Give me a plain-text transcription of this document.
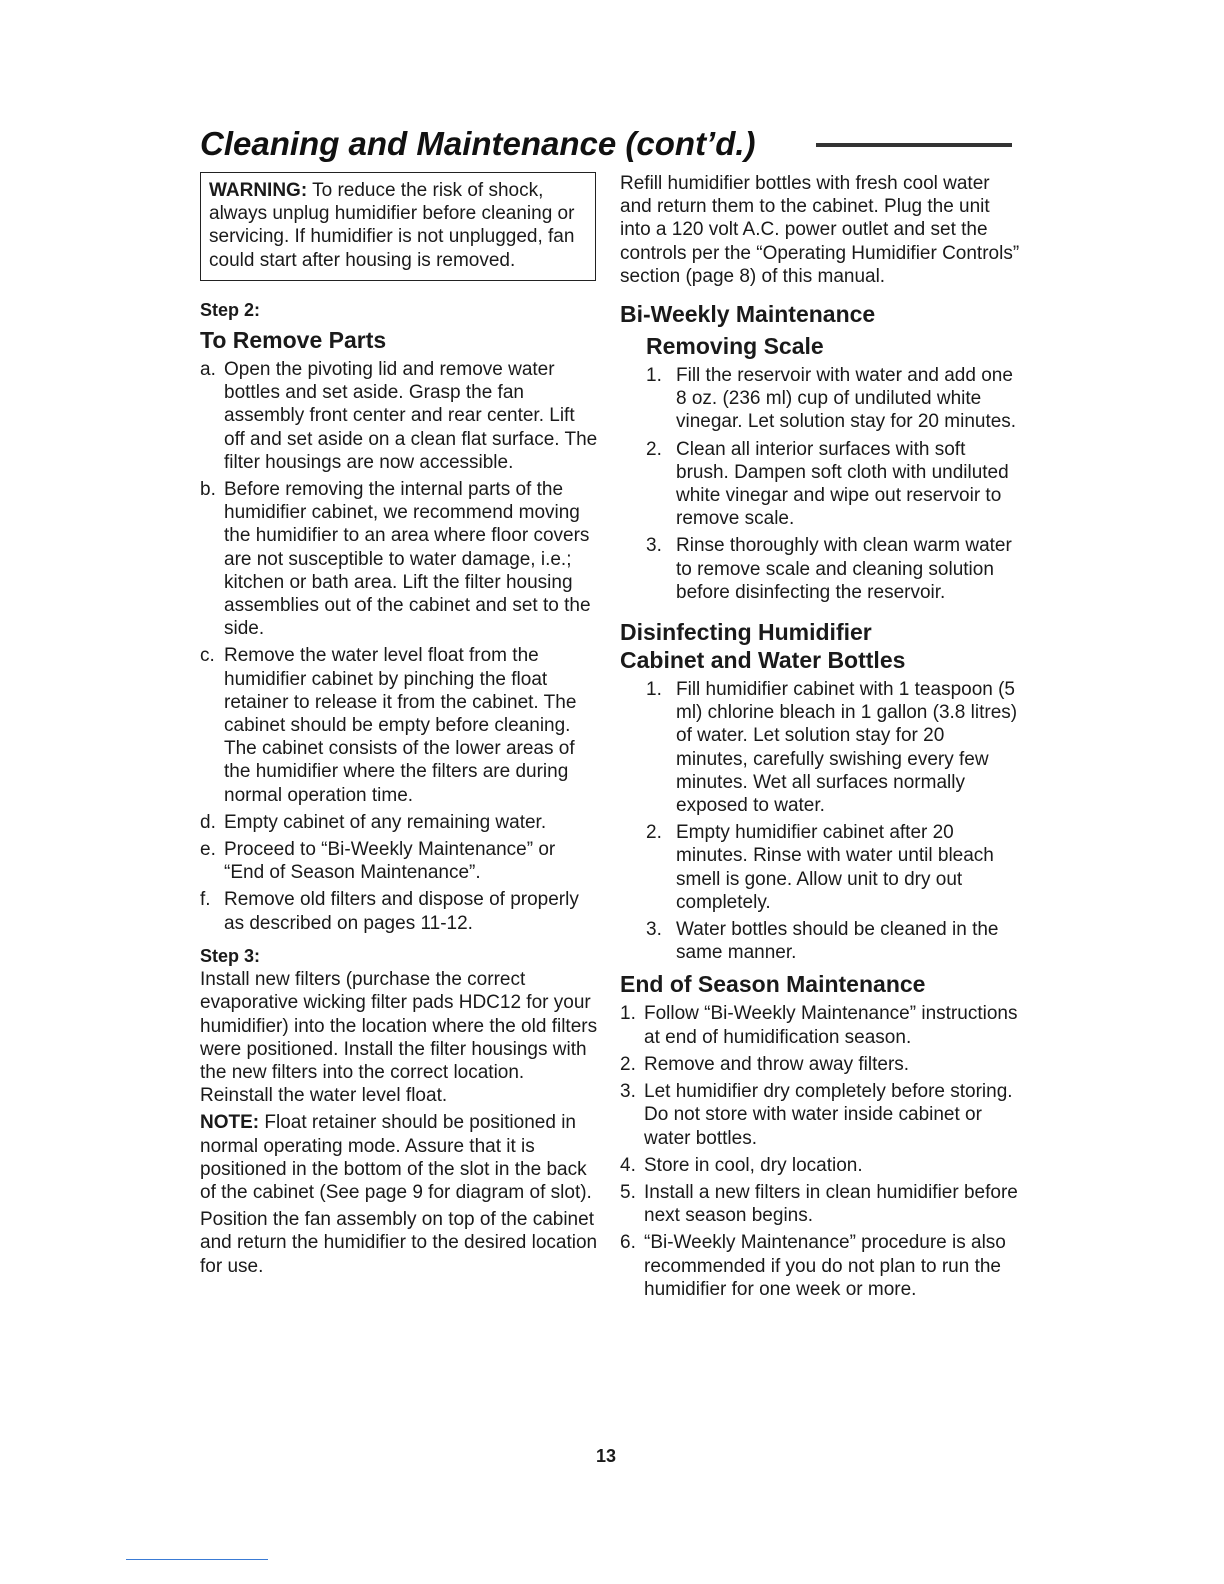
Cleaning and Maintenance (cont’d.)
WARNING: To reduce the risk of shock, always unplug humidifier before cleaning or servicing. If humidifier is not unplugged, fan could start after housing is removed.
Step 2:
To Remove Parts
a. Open the pivoting lid and remove water bottles and set aside. Grasp the fan assembly front center and rear center. Lift off and set aside on a clean flat surface. The filter housings are now accessible.
b. Before removing the internal parts of the humidifier cabinet, we recommend moving the humidifier to an area where floor covers are not susceptible to water damage, i.e.; kitchen or bath area. Lift the filter housing assemblies out of the cabinet and set to the side.
c. Remove the water level float from the humidifier cabinet by pinching the float retainer to release it from the cabinet. The cabinet should be empty before cleaning. The cabinet consists of the lower areas of the humidifier where the filters are during normal operation time.
d. Empty cabinet of any remaining water.
e. Proceed to “Bi-Weekly Maintenance” or “End of Season Maintenance”.
f. Remove old filters and dispose of properly as described on pages 11-12.
Step 3:

Install new filters (purchase the correct evaporative wicking filter pads HDC12 for your humidifier) into the location where the old filters were positioned. Install the filter housings with the new filters into the correct location. Reinstall the water level float.

NOTE: Float retainer should be positioned in normal operating mode. Assure that it is positioned in the bottom of the slot in the back of the cabinet (See page 9 for diagram of slot).

Position the fan assembly on top of the cabinet and return the humidifier to the desired location for use.

Refill humidifier bottles with fresh cool water and return them to the cabinet. Plug the unit into a 120 volt A.C. power outlet and set the controls per the “Operating Humidifier Controls” section (page 8) of this manual.

Bi-Weekly Maintenance
Removing Scale
1. Fill the reservoir with water and add one 8 oz. (236 ml) cup of undiluted white vinegar. Let solution stay for 20 minutes.
2. Clean all interior surfaces with soft brush. Dampen soft cloth with undiluted white vinegar and wipe out reservoir to remove scale.
3. Rinse thoroughly with clean warm water to remove scale and cleaning solution before disinfecting the reservoir.
Disinfecting Humidifier
Cabinet and Water Bottles
1. Fill humidifier cabinet with 1 teaspoon (5 ml) chlorine bleach in 1 gallon (3.8 litres) of water. Let solution stay for 20 minutes, carefully swishing every few minutes. Wet all surfaces normally exposed to water.
2. Empty humidifier cabinet after 20 minutes. Rinse with water until bleach smell is gone. Allow unit to dry out completely.
3. Water bottles should be cleaned in the same manner.
End of Season Maintenance
1. Follow “Bi-Weekly Maintenance” instructions at end of humidification season.
2. Remove and throw away filters.
3. Let humidifier dry completely before storing. Do not store with water inside cabinet or water bottles.
4. Store in cool, dry location.
5. Install a new filters in clean humidifier before next season begins.
6. “Bi-Weekly Maintenance” procedure is also recommended if you do not plan to run the humidifier for one week or more.
13
